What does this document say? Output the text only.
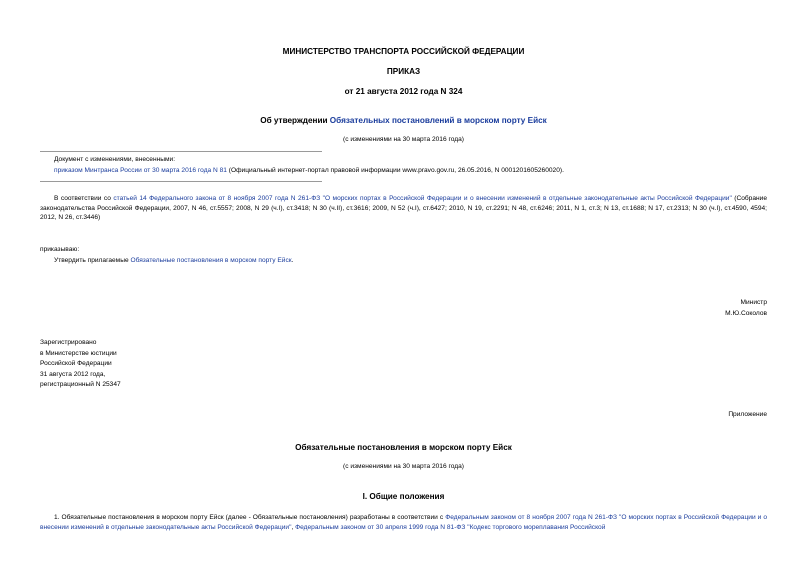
МИНИСТЕРСТВО ТРАНСПОРТА РОССИЙСКОЙ ФЕДЕРАЦИИ
ПРИКАЗ
от 21 августа 2012 года N 324
Об утверждении Обязательных постановлений в морском порту Ейск
(с изменениями на 30 марта 2016 года)
Документ с изменениями, внесенными:
приказом Минтранса России от 30 марта 2016 года N 81 (Официальный интернет-портал правовой информации www.pravo.gov.ru, 26.05.2016, N 0001201605260020).
В соответствии со статьей 14 Федерального закона от 8 ноября 2007 года N 261-ФЗ "О морских портах в Российской Федерации и о внесении изменений в отдельные законодательные акты Российской Федерации" (Собрание законодательства Российской Федерации, 2007, N 46, ст.5557; 2008, N 29 (ч.I), ст.3418; N 30 (ч.II), ст.3616; 2009, N 52 (ч.I), ст.6427; 2010, N 19, ст.2291; N 48, ст.6246; 2011, N 1, ст.3; N 13, ст.1688; N 17, ст.2313; N 30 (ч.I), ст.4590, 4594; 2012, N 26, ст.3446)
приказываю:
Утвердить прилагаемые Обязательные постановления в морском порту Ейск.
Министр
М.Ю.Соколов
Зарегистрировано
в Министерстве юстиции
Российской Федерации
31 августа 2012 года,
регистрационный N 25347
Приложение
Обязательные постановления в морском порту Ейск
(с изменениями на 30 марта 2016 года)
I. Общие положения
1. Обязательные постановления в морском порту Ейск (далее - Обязательные постановления) разработаны в соответствии с Федеральным законом от 8 ноября 2007 года N 261-ФЗ "О морских портах в Российской Федерации и о внесении изменений в отдельные законодательные акты Российской Федерации", Федеральным законом от 30 апреля 1999 года N 81-ФЗ "Кодекс торгового мореплавания Российской
